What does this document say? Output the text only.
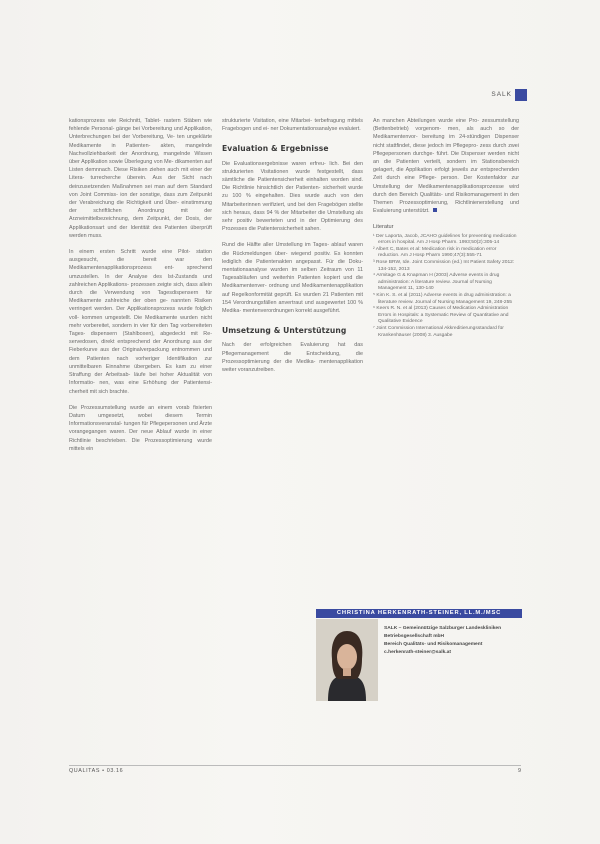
SALK

kationsprozess wie Reichnitt, Tablet- rastern Stäben wie fehlende Personal- gänge bei Vorbereitung und Applikation, Unterbrechungen bei der Vorbereitung, Ve- ten ungeklärte Medikamente in Patienten- akten, mangelnde Nachvollziehbarkeit der Anordnung, mangelnde Wissen über Applikation sowie Überlegung von Me- dikamenten auf Listen demnnach. Diese Risiken ziehen auch mit einer der Litera- turrecherche überein. Aus der Sicht nach deinzusetzenden Maßnahmen sei man auf dem Standard von Joint Commiss- ion der sonstige, dass zum Zeitpunkt der Verabreichung die Richtigkeit und Über- einstimmung der schriftlichen Anordnung mit der Arzneimittelbezeichnung, dem Zeitpunkt, der Dosis, der Applikationsart und der Identität des Patienten überprüft werden muss.

In einem ersten Schritt wurde eine Pilot- station ausgesucht, die bereit war den Medikamentenapplikationsprozess ent- sprechend umzustellen. In der Analyse des Ist-Zustands und zahlreichen Applikations- prozessen zeigte sich, dass allein durch die Verwendung von Tagesdispensern für Medikamente zahlreiche der oben ge- nannten Risiken verringert werden. Der Applikationsprozess wurde folglich voll- kommen umgestellt. Die Medikamente wurden nicht mehr vorbereitet, sondern in vier für den Tag vorbereiteten Tages- dispensern (Stahlboxen), abgedeckt mit Re- servedosen, direkt entsprechend der Anordnung aus der Fieberkurve aus der Originalverpackung entnommen und dem Patienten nach vorheriger Identifikation zur unmittelbaren Einnahme übergeben. Es kam zu einer Straffung der Arbeitsab- läufe bei hoher Aktualität von Informatio- nen, was eine Erhöhung der Patientensi- cherheit mit sich brachte.

Die Prozessumstellung wurde an einem vorab fixierten Datum umgesetzt, wobei diesem Termin Informationsveranstal- tungen für Pflegepersonen und Ärzte vorangegangen waren. Der neue Ablauf wurde in einer Richtlinie beschrieben. Die Prozessoptimierung wurde mittels ein

strukturierte Visitation, eine Mitarbei- terbefragung mittels Fragebogen und ei- ner Dokumentationsanalyse evaluiert.

Evaluation & Ergebnisse

Die Evaluationsergebnisse waren erfreu- lich. Bei den strukturierten Visitationen wurde festgestellt, dass sämtliche die Patientensicherheit einhalten worden sind. Die Richtlinie hinsichtlich der Patienten- sicherheit wurde zu 100 % eingehalten. Dies wurde auch von den Mitarbeiterinnen verifiziert, und bei den Fragebögen stellte sich heraus, dass 94 % der Mitarbeiter die Umstellung als sehr positiv bewerteten und in der Optimierung des Prozesses die Patientensicherheit sahen.

Rund die Hälfte aller Umstellung im Tages- ablauf waren die Rückmeldungen über- wiegend positiv. Es konnten lediglich die Patientenakten angepasst. Für die Doku- mentationsanalyse wurden im selben Zeitraum von 11 Tagesabläufen und weiterhin Patienten kopiert und die Medikamentenver- ordnung und Medikamentenapplikation auf Regelkonformität geprüft. Es wurden 21 Patienten mit 154 Verordnungsfällen anvertraut und ausgewertet 100 % Medika- mentenverordnungen korrekt ausgeführt.

Umsetzung & Unterstützung

Nach der erfolgreichen Evaluierung hat das Pflegemanagement die Entscheidung, die Prozessoptimierung der die Medika- mentenapplikation weiter voranzutreiben.

An manchen Abteilungen wurde eine Pro- zessumstellung (Bettenbetrieb) vorgenom- men, als auch so der Medikamentenvor- bereitung im 24-stündigen Dispenser nicht stattfindet, diese jedoch im Pflegepro- zess durch zwei Pflegepersonen durchge- führt. Die Dispenser werden nicht an die Patienten verteilt, sondern im Stationsbereich gelagert, die Applikation erfolgt jeweils zur entsprechenden Zeit durch eine Pflege- person. Der Kostenfaktor zur Umstellung der Medikamentenapplikationsprozesse wird durch den Bereich Qualitäts- und Risikomanagement in den Themen Prozessoptimierung, Richtlinienerstellung und Evaluierung unterstützt.

Literatur
¹ Der Laporta, Jacob, JCAHO guidelines for preventing medication errors in hospital. Am J Hosp Pharm. 1993;50(2):305-14
² Albert C, Bates et al: Medication risk in medication error reduction. Am J Hosp Pharm 1990;47(3):555-71
³ Rose BRW, Ide. Joint Commission (ed.) Int Patient Safety 2012: 134-152, 2013
⁴ Armitage G & Knapman H (2003) Adverse events in drug administration: A literature review. Journal of Nursing Management 11, 130-140
⁵ Kim K. S. et al (2011) Adverse events in drug administration: a literature review. Journal of Nursing Management 19, 248-255
⁶ Keers R. N. et al (2013) Causes of Medication Administration Errors in Hospitals: a Systematic Review of Quantitative and Qualitative Evidence
⁷ Joint Commission International Akkreditierungsstandard für Krankenhäuser (2008) 3. Ausgabe
CHRISTINA HERKENRATH-STEINER, LL.M./MSC
SALK – Gemeinnützige Salzburger Landeskliniken
Betriebsgesellschaft mbH
Bereich Qualitäts- und Risikomanagement
c.herkenrath-steiner@salk.at
QUALITAS • 03.16	9
